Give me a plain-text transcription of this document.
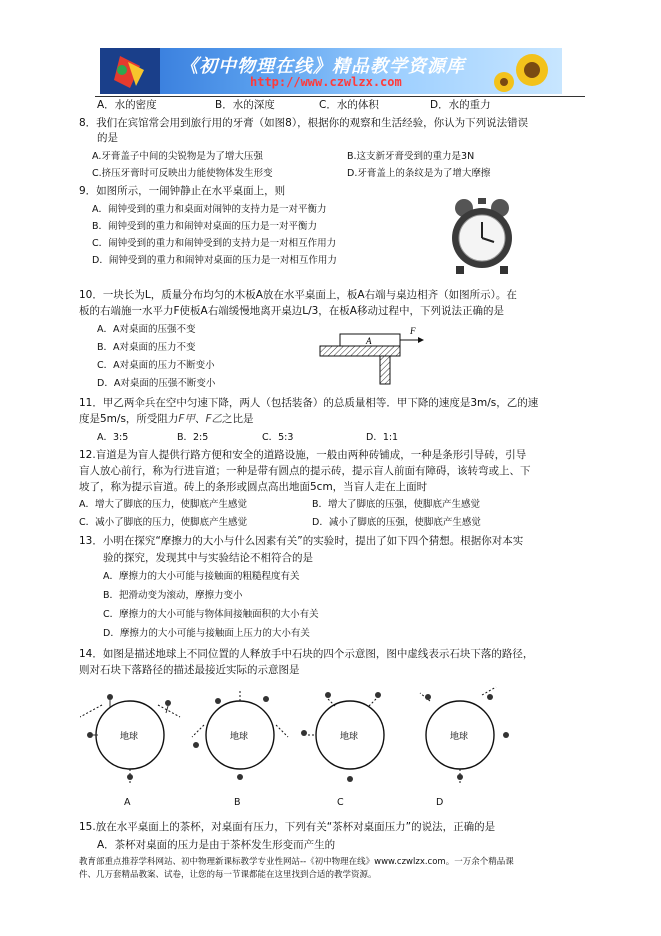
《初中物理在线》精品教学资源库
http://www.czwlzx.com
A．水的密度	B．水的深度	C．水的体积	D．水的重力
8．我们在宾馆常会用到旅行用的牙膏（如图8），根据你的观察和生活经验，你认为下列说法错误
的是
A.牙膏盖子中间的尖锐物是为了增大压强	B.这支新牙膏受到的重力是3N
C.挤压牙膏时可反映出力能使物体发生形变	D.牙膏盖上的条纹是为了增大摩擦
9．如图所示，一闹钟静止在水平桌面上，则
A．闹钟受到的重力和桌面对闹钟的支持力是一对平衡力
B．闹钟受到的重力和闹钟对桌面的压力是一对平衡力
C．闹钟受到的重力和闹钟受到的支持力是一对相互作用力
D．闹钟受到的重力和闹钟对桌面的压力是一对相互作用力
10．一块长为L，质量分布均匀的木板A放在水平桌面上，板A右端与桌边相齐（如图所示）。在
板的右端施一水平力F使板A右端缓慢地离开桌边L/3，在板A移动过程中，下列说法正确的是
A．A对桌面的压强不变
B．A对桌面的压力不变
C．A对桌面的压力不断变小
D．A对桌面的压强不断变小
A
F
11．甲乙两伞兵在空中匀速下降，两人（包括装备）的总质量相等．甲下降的速度是3m/s，乙的速
度是5m/s，所受阻力F甲、F乙之比是
A．3:5	B．2:5	C．5:3	D．1:1
12.盲道是为盲人提供行路方便和安全的道路设施，一般由两种砖铺成，一种是条形引导砖，引导
盲人放心前行，称为行进盲道；一种是带有圆点的提示砖，提示盲人前面有障碍，该转弯或上、下
坡了，称为提示盲道。砖上的条形或圆点高出地面5cm，当盲人走在上面时
A．增大了脚底的压力，使脚底产生感觉	B．增大了脚底的压强，使脚底产生感觉
C．减小了脚底的压力，使脚底产生感觉	D．减小了脚底的压强，使脚底产生感觉
13．小明在探究“摩擦力的大小与什么因素有关”的实验时，提出了如下四个猜想。根据你对本实
验的探究，发现其中与实验结论不相符合的是
A．摩擦力的大小可能与接触面的粗糙程度有关
B．把滑动变为滚动，摩擦力变小
C．摩擦力的大小可能与物体间接触面积的大小有关
D．摩擦力的大小可能与接触面上压力的大小有关
14．如图是描述地球上不同位置的人释放手中石块的四个示意图，图中虚线表示石块下落的路径，
则对石块下落路径的描述最接近实际的示意图是
地球	地球	地球	地球
A	B	C	D
15.放在水平桌面上的茶杯，对桌面有压力，下列有关“茶杯对桌面压力”的说法，正确的是
A．茶杯对桌面的压力是由于茶杯发生形变而产生的
教育部重点推荐学科网站、初中物理新课标教学专业性网站--《初中物理在线》www.czwlzx.com。一万余个精品课
件、几万套精品教案、试卷，让您的每一节课都能在这里找到合适的教学资源。
